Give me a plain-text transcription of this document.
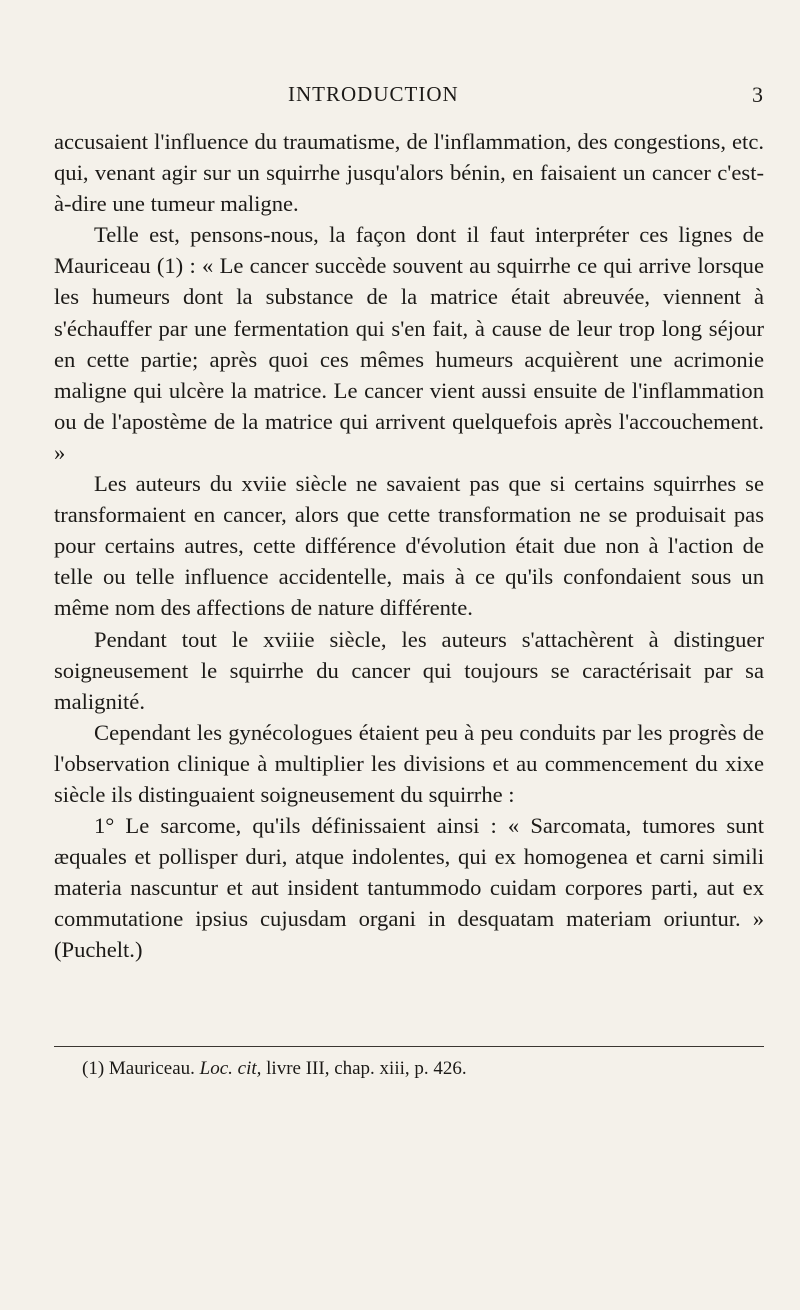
INTRODUCTION	3

accusaient l'influence du traumatisme, de l'inflammation, des congestions, etc. qui, venant agir sur un squirrhe jusqu'alors bénin, en faisaient un cancer c'est-à-dire une tumeur maligne.

Telle est, pensons-nous, la façon dont il faut interpréter ces lignes de Mauriceau (1) : « Le cancer succède souvent au squirrhe ce qui arrive lorsque les humeurs dont la substance de la matrice était abreuvée, viennent à s'échauffer par une fermentation qui s'en fait, à cause de leur trop long séjour en cette partie; après quoi ces mêmes humeurs acquièrent une acrimonie maligne qui ulcère la matrice. Le cancer vient aussi ensuite de l'inflammation ou de l'apostème de la matrice qui arrivent quelquefois après l'accouchement. »

Les auteurs du xviie siècle ne savaient pas que si certains squirrhes se transformaient en cancer, alors que cette transformation ne se produisait pas pour certains autres, cette différence d'évolution était due non à l'action de telle ou telle influence accidentelle, mais à ce qu'ils confondaient sous un même nom des affections de nature différente.

Pendant tout le xviiie siècle, les auteurs s'attachèrent à distinguer soigneusement le squirrhe du cancer qui toujours se caractérisait par sa malignité.

Cependant les gynécologues étaient peu à peu conduits par les progrès de l'observation clinique à multiplier les divisions et au commencement du xixe siècle ils distinguaient soigneusement du squirrhe :

1° Le sarcome, qu'ils définissaient ainsi : « Sarcomata, tumores sunt æquales et pollisper duri, atque indolentes, qui ex homogenea et carni simili materia nascuntur et aut insident tantummodo cuidam corpores parti, aut ex commutatione ipsius cujusdam organi in desquatam materiam oriuntur. » (Puchelt.)

(1) Mauriceau. Loc. cit, livre III, chap. xiii, p. 426.
